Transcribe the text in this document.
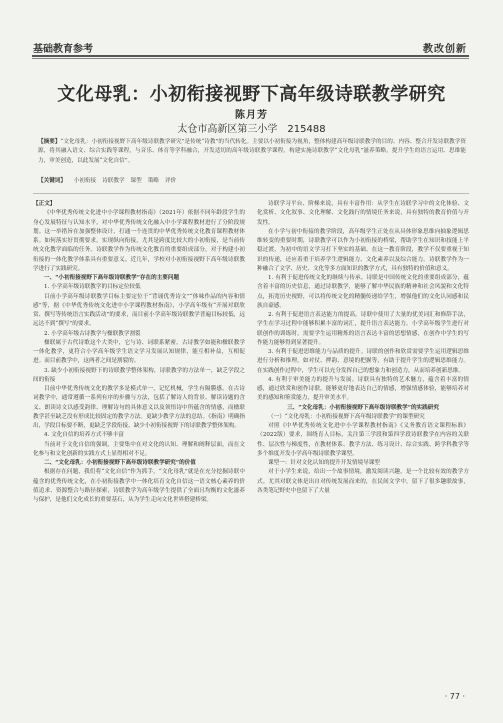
基础教育参考	教改创新
文化母乳：小初衔接视野下高年级诗联教学研究
陈月芳
太仓市高新区第三小学　215488
【摘要】“文化母乳：小初衔接视野下高年级诗联教学研究”是传统“诗教”的当代转化。主要以小初衔接为视角，整体构建高年级诗联教学的目的、内容、整合开发诗联教学资源，将其融入语文、综合实践等课程，与音乐、体育等学科融合，开发适切的高年级诗联教学课程，构建实施诗联教学“文化母乳”滋养策略，提升学生的语言运用、思维能力，审美创造，以此发展“文化自信”。
【关键词】 小初衔接 诗联教学 课型 策略 评价

【正文】

《中华优秀传统文化进中小学课程教材指南》（2021年）依据不同年龄段学生的身心发展特征与认知水平，对中华优秀传统文化融入中小学课程教材进行了分阶段规划。这一举措旨在加强整体设计，打通一个连贯的中华优秀传统文化教育课程教材体系。如何落实好贯彻要求，实现纵向衔接，尤其是跨度比较大的小初衔接，是当前传统文化教学面临的任务。诗联教学作为传统文化教育的重要组成部分，对于构建小初衔接的一体化教学体系具有重要意义。近几年，学校对小初衔接视野下高年级诗联教学进行了实践研究。

一、“小初衔接视野下高年级诗联教学”存在的主要问题

1. 小学高年级诗联教学的目标定位较低

目前小学高年级诗联教学目标主要定位于“背诵优秀诗文”“体味作品的内容和情感”等，据《中华优秀传统文化进中小学课程教材指南》，小学高年级有“开展对联欣赏、撰写等传统语言实践活动”的要求，而目前小学高年级诗联教学普遍目标较低，远远达不到“撰写”的要求。

2. 小学高年级古诗教学与楹联教学割裂

楹联属于古代诗歌这个大类中，它与诗、词联系紧密。古诗教学如能和楹联教学一体化教学，更符合小学高年级学生语文学习发展认知规律，能互相补益，互相促进。而目前教学中，这两者之间是割裂的。

3. 缺少小初衔接视野下的诗联教学整体架构，诗联教学的方法单一，缺乏学段之间的衔接

目前中华优秀传统文化的教学多是模式单一，记忆机械，学生有隔膜感。在古诗词教学中，通常遵循一系列有序的步骤与方法，包括了解诗人的背景、解读诗题的含义、朗读诗文以感受韵律、理解诗句的具体意义以及领悟诗中所蕴含的情感，而楹联教学甚至缺乏没有形成比较固定的教学方法。更缺少教学方法的总结。《指南》明确指出，学段目标要不断，更缺乏学段衔接，缺少小初衔接视野下的诗联教学整体架构。

4. 文化自信的培养方式不够丰富

当前对于文化自信的强调，主要集中在对文化的认知、理解和阐释层面，而在文化参与和文化创新的实践方式上显得相对不足。

二、“文化母乳：小初衔接视野下高年级诗联教学研究”的价值

根据存在问题，我们将“文化自信”作为抓手，“文化母乳”就是在充分挖掘诗联中蕴含的优秀传统文化，在小初衔接教学中一体化培育文化自信这一语文核心素养的价值追求、资源整合与路径探索，诗联教学为高年级学生提供了全面且均衡的文化滋养与保护，是他们文化成长的重要基石，从为学生走向文化世界搭建桥梁。

诗联学习平台、阶梯来说，具有丰富作用：从学生在诗联学习中的文化体验、文化赏析、文化叙事、文化理解、文化践行的情境任务来说，具有独特的教育价值与开发性。

在小学与初中衔接的教学阶段，高年级学生正处在从具体形象思维向抽象逻辑思维转变的重要时期，诗联教学可以作为小初衔接的桥梁，帮助学生在知识和技能上平稳过渡，为初中的语文学习打下坚实的基础。在这一教育阶段，教学不仅要重视于知识的传递，还应着重于培养学生逻辑能力、文化素养以及综合能力。诗联教学作为一种融合了文学、历史、文化等多方面知识的教学方式，具有独特的价值和意义。

1. 有利于促进传统文化的继续与传承。诗联是中国传统文化的重要组成部分，蕴含着丰富的历史信息，通过诗联教学，能够了解中华民族的精神和社会风貌和文化特点，拓宽历史视野，可以将传统文化的精髓传递给学生，增强他们的文化认同感和民族自豪感。

2. 有利于促进语言表达能力的提高。诗联中使用了大量的优美词汇和修辞手法，学生在学习过程中能够积累丰富的词汇，提升语言表达能力。小学高年级学生进行对联创作的训练时，需要学生运用精炼的语言表达丰富的思想情感，在创作中学生的写作能力能够得到显著提升。

3. 有利于促进思维能力与品质的提升。诗联的创作和欣赏需要学生运用逻辑思维进行分析和推理，如对仗、押韵、意境的把握等，有助于提升学生的逻辑思维能力。在实践创作过程中，学生可以充分发挥自己的想象力和创造力，从而培养创新思维。

4. 有利于审美能力的提升与发展。诗联具有独特的艺术魅力，蕴含着丰富的情感，通过欣赏和创作诗联，能够更好地表达自己的情感，增强情感体验，能够培养对美的感知和鉴赏能力，提升审美水平。

三、“文化母乳：小初衔接视野下高年级诗联教学”的实践研究

（一）“文化母乳：小初衔接视野下高年级诗联教学”的课型研究

对照《中华优秀传统文化进中小学课程教材指南》《义务教育语文课程标准》（2022版）要求，围绕育人目标，关注第三学段和第四学段诗联教学在内容的关联性、层次性与梯度性，在教材体系、教学方法、练习设计、综合实践、跨学科教学等多个维度开发小学高年级诗联教学课型。

课型一：针对文化认知的提升开发情境导课型

对于小学生来说，给出一个故事情境，激发阅读兴趣，是一个比较有效的教学方式。尤其对联文体是出自对传统发展而来的，在民间文学中，留下了很多趣联故事，各类笔记野史中也留下了大量

· 77 ·
